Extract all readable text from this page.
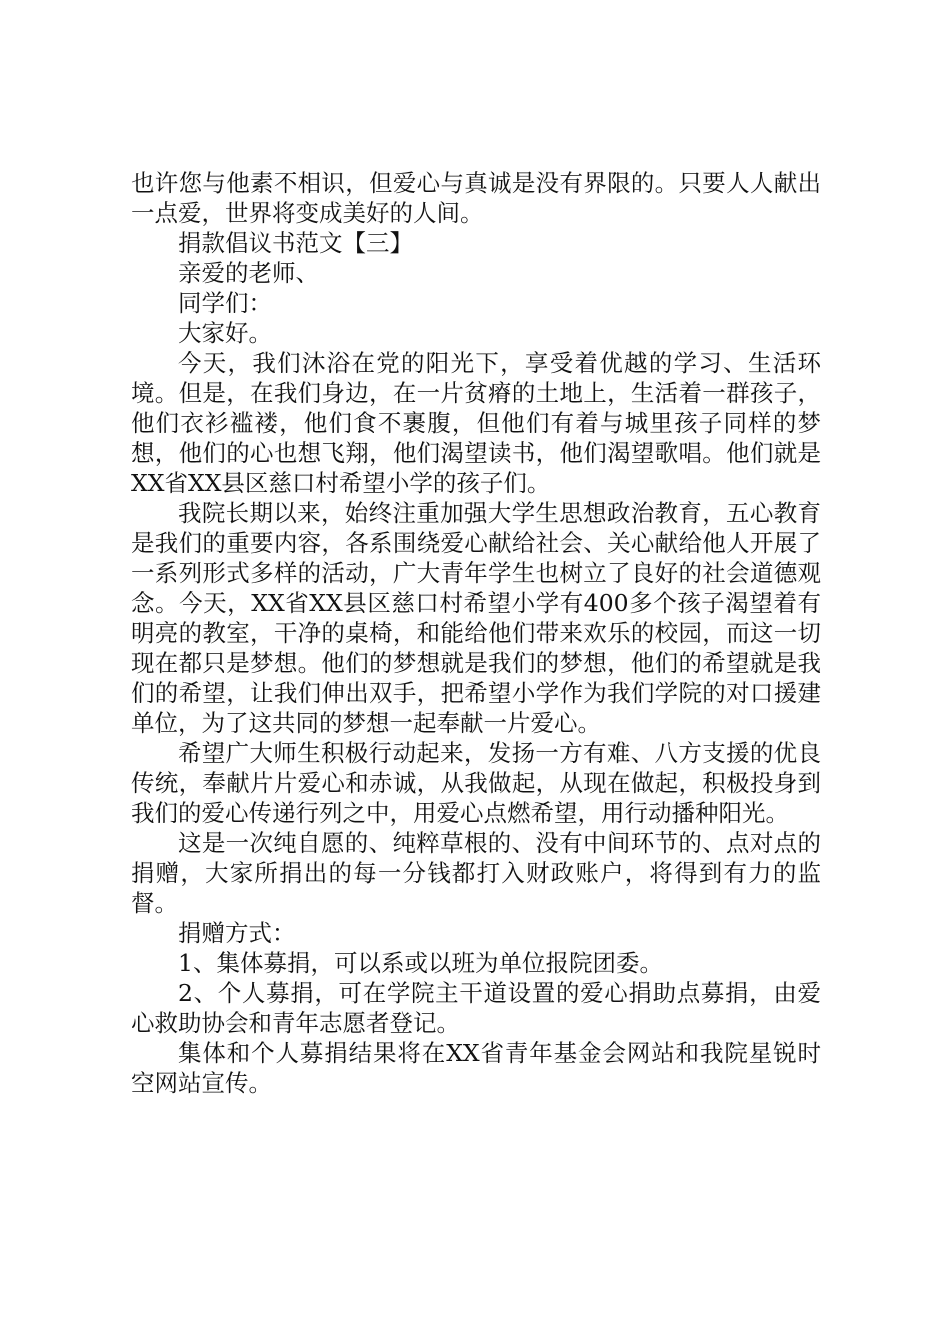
也许您与他素不相识，但爱心与真诚是没有界限的。只要人人献出一点爱，世界将变成美好的人间。

捐款倡议书范文【三】

亲爱的老师、

同学们：

大家好。

今天，我们沐浴在党的阳光下，享受着优越的学习、生活环境。但是，在我们身边，在一片贫瘠的土地上，生活着一群孩子，他们衣衫褴褛，他们食不裹腹，但他们有着与城里孩子同样的梦想，他们的心也想飞翔，他们渴望读书，他们渴望歌唱。他们就是XX省XX县区慈口村希望小学的孩子们。

我院长期以来，始终注重加强大学生思想政治教育，五心教育是我们的重要内容，各系围绕爱心献给社会、关心献给他人开展了一系列形式多样的活动，广大青年学生也树立了良好的社会道德观念。今天，XX省XX县区慈口村希望小学有400多个孩子渴望着有明亮的教室，干净的桌椅，和能给他们带来欢乐的校园，而这一切现在都只是梦想。他们的梦想就是我们的梦想，他们的希望就是我们的希望，让我们伸出双手，把希望小学作为我们学院的对口援建单位，为了这共同的梦想一起奉献一片爱心。

希望广大师生积极行动起来，发扬一方有难、八方支援的优良传统，奉献片片爱心和赤诚，从我做起，从现在做起，积极投身到我们的爱心传递行列之中，用爱心点燃希望，用行动播种阳光。

这是一次纯自愿的、纯粹草根的、没有中间环节的、点对点的捐赠，大家所捐出的每一分钱都打入财政账户，将得到有力的监督。

捐赠方式：

1、集体募捐，可以系或以班为单位报院团委。

2、个人募捐，可在学院主干道设置的爱心捐助点募捐，由爱心救助协会和青年志愿者登记。

集体和个人募捐结果将在XX省青年基金会网站和我院星锐时空网站宣传。
